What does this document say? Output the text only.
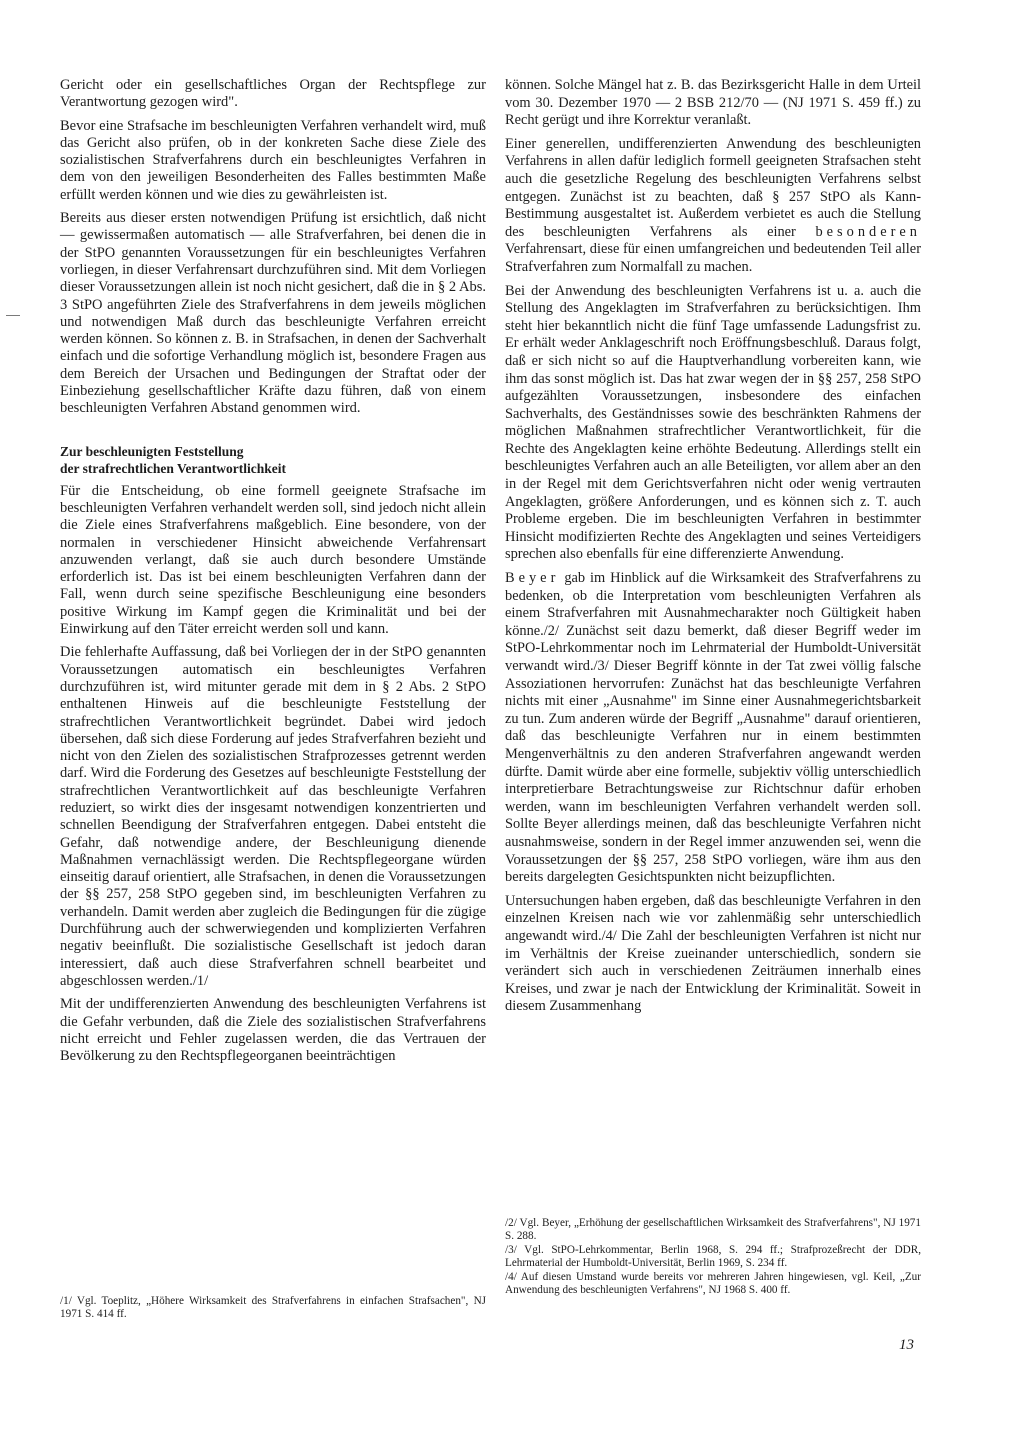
Gericht oder ein gesellschaftliches Organ der Rechtspflege zur Verantwortung gezogen wird".

Bevor eine Strafsache im beschleunigten Verfahren verhandelt wird, muß das Gericht also prüfen, ob in der konkreten Sache diese Ziele des sozialistischen Strafverfahrens durch ein beschleunigtes Verfahren in dem von den jeweiligen Besonderheiten des Falles bestimmten Maße erfüllt werden können und wie dies zu gewährleisten ist.

Bereits aus dieser ersten notwendigen Prüfung ist ersichtlich, daß nicht — gewissermaßen automatisch — alle Strafverfahren, bei denen die in der StPO genannten Voraussetzungen für ein beschleunigtes Verfahren vorliegen, in dieser Verfahrensart durchzuführen sind. Mit dem Vorliegen dieser Voraussetzungen allein ist noch nicht gesichert, daß die in § 2 Abs. 3 StPO angeführten Ziele des Strafverfahrens in dem jeweils möglichen und notwendigen Maß durch das beschleunigte Verfahren erreicht werden können. So können z. B. in Strafsachen, in denen der Sachverhalt einfach und die sofortige Verhandlung möglich ist, besondere Fragen aus dem Bereich der Ursachen und Bedingungen der Straftat oder der Einbeziehung gesellschaftlicher Kräfte dazu führen, daß von einem beschleunigten Verfahren Abstand genommen wird.

Zur beschleunigten Feststellung
der strafrechtlichen Verantwortlichkeit

Für die Entscheidung, ob eine formell geeignete Strafsache im beschleunigten Verfahren verhandelt werden soll, sind jedoch nicht allein die Ziele eines Strafverfahrens maßgeblich. Eine besondere, von der normalen in verschiedener Hinsicht abweichende Verfahrensart anzuwenden verlangt, daß sie auch durch besondere Umstände erforderlich ist. Das ist bei einem beschleunigten Verfahren dann der Fall, wenn durch seine spezifische Beschleunigung eine besonders positive Wirkung im Kampf gegen die Kriminalität und bei der Einwirkung auf den Täter erreicht werden soll und kann.

Die fehlerhafte Auffassung, daß bei Vorliegen der in der StPO genannten Voraussetzungen automatisch ein beschleunigtes Verfahren durchzuführen ist, wird mitunter gerade mit dem in § 2 Abs. 2 StPO enthaltenen Hinweis auf die beschleunigte Feststellung der strafrechtlichen Verantwortlichkeit begründet. Dabei wird jedoch übersehen, daß sich diese Forderung auf jedes Strafverfahren bezieht und nicht von den Zielen des sozialistischen Strafprozesses getrennt werden darf. Wird die Forderung des Gesetzes auf beschleunigte Feststellung der strafrechtlichen Verantwortlichkeit auf das beschleunigte Verfahren reduziert, so wirkt dies der insgesamt notwendigen konzentrierten und schnellen Beendigung der Strafverfahren entgegen. Dabei entsteht die Gefahr, daß notwendige andere, der Beschleunigung dienende Maßnahmen vernachlässigt werden. Die Rechtspflegeorgane würden einseitig darauf orientiert, alle Strafsachen, in denen die Voraussetzungen der §§ 257, 258 StPO gegeben sind, im beschleunigten Verfahren zu verhandeln. Damit werden aber zugleich die Bedingungen für die zügige Durchführung auch der schwerwiegenden und komplizierten Verfahren negativ beeinflußt. Die sozialistische Gesellschaft ist jedoch daran interessiert, daß auch diese Strafverfahren schnell bearbeitet und abgeschlossen werden./1/

Mit der undifferenzierten Anwendung des beschleunigten Verfahrens ist die Gefahr verbunden, daß die Ziele des sozialistischen Strafverfahrens nicht erreicht und Fehler zugelassen werden, die das Vertrauen der Bevölkerung zu den Rechtspflegeorganen beeinträchtigen

/1/ Vgl. Toeplitz, „Höhere Wirksamkeit des Strafverfahrens in einfachen Strafsachen", NJ 1971 S. 414 ff.

können. Solche Mängel hat z. B. das Bezirksgericht Halle in dem Urteil vom 30. Dezember 1970 — 2 BSB 212/70 — (NJ 1971 S. 459 ff.) zu Recht gerügt und ihre Korrektur veranlaßt.

Einer generellen, undifferenzierten Anwendung des beschleunigten Verfahrens in allen dafür lediglich formell geeigneten Strafsachen steht auch die gesetzliche Regelung des beschleunigten Verfahrens selbst entgegen. Zunächst ist zu beachten, daß § 257 StPO als Kann-Bestimmung ausgestaltet ist. Außerdem verbietet es auch die Stellung des beschleunigten Verfahrens als einer besonderen Verfahrensart, diese für einen umfangreichen und bedeutenden Teil aller Strafverfahren zum Normalfall zu machen.

Bei der Anwendung des beschleunigten Verfahrens ist u. a. auch die Stellung des Angeklagten im Strafverfahren zu berücksichtigen. Ihm steht hier bekanntlich nicht die fünf Tage umfassende Ladungsfrist zu. Er erhält weder Anklageschrift noch Eröffnungsbeschluß. Daraus folgt, daß er sich nicht so auf die Hauptverhandlung vorbereiten kann, wie ihm das sonst möglich ist. Das hat zwar wegen der in §§ 257, 258 StPO aufgezählten Voraussetzungen, insbesondere des einfachen Sachverhalts, des Geständnisses sowie des beschränkten Rahmens der möglichen Maßnahmen strafrechtlicher Verantwortlichkeit, für die Rechte des Angeklagten keine erhöhte Bedeutung. Allerdings stellt ein beschleunigtes Verfahren auch an alle Beteiligten, vor allem aber an den in der Regel mit dem Gerichtsverfahren nicht oder wenig vertrauten Angeklagten, größere Anforderungen, und es können sich z. T. auch Probleme ergeben. Die im beschleunigten Verfahren in bestimmter Hinsicht modifizierten Rechte des Angeklagten und seines Verteidigers sprechen also ebenfalls für eine differenzierte Anwendung.

Beyer gab im Hinblick auf die Wirksamkeit des Strafverfahrens zu bedenken, ob die Interpretation vom beschleunigten Verfahren als einem Strafverfahren mit Ausnahmecharakter noch Gültigkeit haben könne./2/ Zunächst seit dazu bemerkt, daß dieser Begriff weder im StPO-Lehrkommentar noch im Lehrmaterial der Humboldt-Universität verwandt wird./3/ Dieser Begriff könnte in der Tat zwei völlig falsche Assoziationen hervorrufen: Zunächst hat das beschleunigte Verfahren nichts mit einer „Ausnahme" im Sinne einer Ausnahmegerichtsbarkeit zu tun. Zum anderen würde der Begriff „Ausnahme" darauf orientieren, daß das beschleunigte Verfahren nur in einem bestimmten Mengenverhältnis zu den anderen Strafverfahren angewandt werden dürfte. Damit würde aber eine formelle, subjektiv völlig unterschiedlich interpretierbare Betrachtungsweise zur Richtschnur dafür erhoben werden, wann im beschleunigten Verfahren verhandelt werden soll. Sollte Beyer allerdings meinen, daß das beschleunigte Verfahren nicht ausnahmsweise, sondern in der Regel immer anzuwenden sei, wenn die Voraussetzungen der §§ 257, 258 StPO vorliegen, wäre ihm aus den bereits dargelegten Gesichtspunkten nicht beizupflichten.

Untersuchungen haben ergeben, daß das beschleunigte Verfahren in den einzelnen Kreisen nach wie vor zahlenmäßig sehr unterschiedlich angewandt wird./4/ Die Zahl der beschleunigten Verfahren ist nicht nur im Verhältnis der Kreise zueinander unterschiedlich, sondern sie verändert sich auch in verschiedenen Zeiträumen innerhalb eines Kreises, und zwar je nach der Entwicklung der Kriminalität. Soweit in diesem Zusammenhang

/2/ Vgl. Beyer, „Erhöhung der gesellschaftlichen Wirksamkeit des Strafverfahrens", NJ 1971 S. 288.

/3/ Vgl. StPO-Lehrkommentar, Berlin 1968, S. 294 ff.; Strafprozeßrecht der DDR, Lehrmaterial der Humboldt-Universität, Berlin 1969, S. 234 ff.

/4/ Auf diesen Umstand wurde bereits vor mehreren Jahren hingewiesen, vgl. Keil, „Zur Anwendung des beschleunigten Verfahrens", NJ 1968 S. 400 ff.

13
